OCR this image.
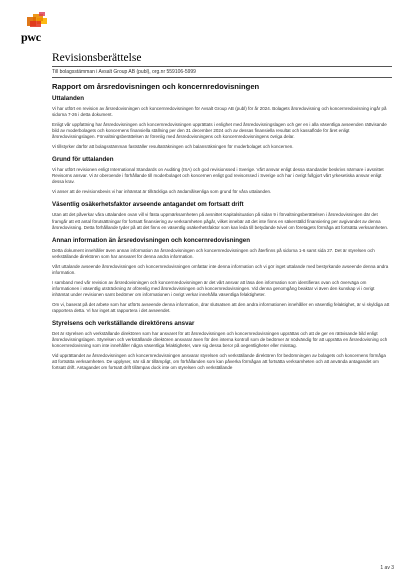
pwc
Revisionsberättelse
Till bolagsstämman i Avsalt Group AB (publ), org.nr 559106-5999
Rapport om årsredovisningen och koncernredovisningen
Uttalanden

Vi har utfört en revision av årsredovisningen och koncernredovisningen för Avsalt Group AB (publ) för år 2024. Bolagets årsredovisning och koncernredovisning ingår på sidorna 7-26 i detta dokument.

Enligt vår uppfattning har årsredovisningen och koncernredovisningen upprättats i enlighet med årsredovisningslagen och ger en i alla väsentliga avseenden rättvisande bild av moderbolagets och koncernens finansiella ställning per den 31 december 2024 och av dessas finansiella resultat och kassaflöde för året enligt årsredovisningslagen. Förvaltningsberättelsen är förenlig med årsredovisningens och koncernredovisningens övriga delar.

Vi tillstyrker därför att bolagsstämman fastställer resultaträkningen och balansräkningen för moderbolaget och koncernen.

Grund för uttalanden

Vi har utfört revisionen enligt International Standards on Auditing (ISA) och god revisionssed i Sverige. Vårt ansvar enligt dessa standarder beskrivs närmare i avsnittet Revisorns ansvar. Vi är oberoende i förhållande till moderbolaget och koncernen enligt god revisorssed i Sverige och har i övrigt fullgjort vårt yrkesetiska ansvar enligt dessa krav.

Vi anser att de revisionsbevis vi har inhämtat är tillräckliga och ändamålsenliga som grund för våra uttalanden.

Väsentlig osäkerhetsfaktor avseende antagandet om fortsatt drift

Utan att det påverkar våra uttalanden ovan vill vi fästa uppmärksamheten på avsnittet Kapitalsituation på sidan 9 i förvaltningsberättelsen i årsredovisningen där det framgår att ett antal förutsättningar för fortsatt finansiering av verksamheten pågår, vilket innebär att det inte finns en säkerställd finansiering per avgivandet av denna årsredovisning. Detta förhållande tyder på att det finns en väsentlig osäkerhetsfaktor som kan leda till betydande tvivel om företagets förmåga att fortsätta verksamheten.

Annan information än årsredovisningen och koncernredovisningen

Detta dokument innehåller även annan information än årsredovisningen och koncernredovisningen och återfinns på sidorna 1-6 samt sida 27. Det är styrelsen och verkställande direktören som har ansvaret för denna andra information.

Vårt uttalande avseende årsredovisningen och koncernredovisningen omfattar inte denna information och vi gör inget uttalande med bestyrkande avseende denna andra information.

I samband med vår revision av årsredovisningen och koncernredovisningen är det vårt ansvar att läsa den information som identifieras ovan och överväga om informationen i väsentlig utsträckning är oförenlig med årsredovisningen och koncernredovisningen. Vid denna genomgång beaktar vi även den kunskap vi i övrigt inhämtat under revisionen samt bedömer om informationen i övrigt verkar innehålla väsentliga felaktigheter.

Om vi, baserat på det arbete som har utförts avseende denna information, drar slutsatsen att den andra informationen innehåller en väsentlig felaktighet, är vi skyldiga att rapportera detta. Vi har inget att rapportera i det avseendet.

Styrelsens och verkställande direktörens ansvar

Det är styrelsen och verkställande direktören som har ansvaret för att årsredovisningen och koncernredovisningen upprättas och att de ger en rättvisande bild enligt årsredovisningslagen. Styrelsen och verkställande direktören ansvarar även för den interna kontroll som de bedömer är nödvändig för att upprätta en årsredovisning och koncernredovisning som inte innehåller några väsentliga felaktigheter, vare sig dessa beror på oegentligheter eller misstag.

Vid upprättandet av årsredovisningen och koncernredovisningen ansvarar styrelsen och verkställande direktören för bedömningen av bolagets och koncernens förmåga att fortsätta verksamheten. De upplyser, när så är tillämpligt, om förhållanden som kan påverka förmågan att fortsätta verksamheten och att använda antagandet om fortsatt drift. Antagandet om fortsatt drift tillämpas dock inte om styrelsen och verkställande

1 av 3
